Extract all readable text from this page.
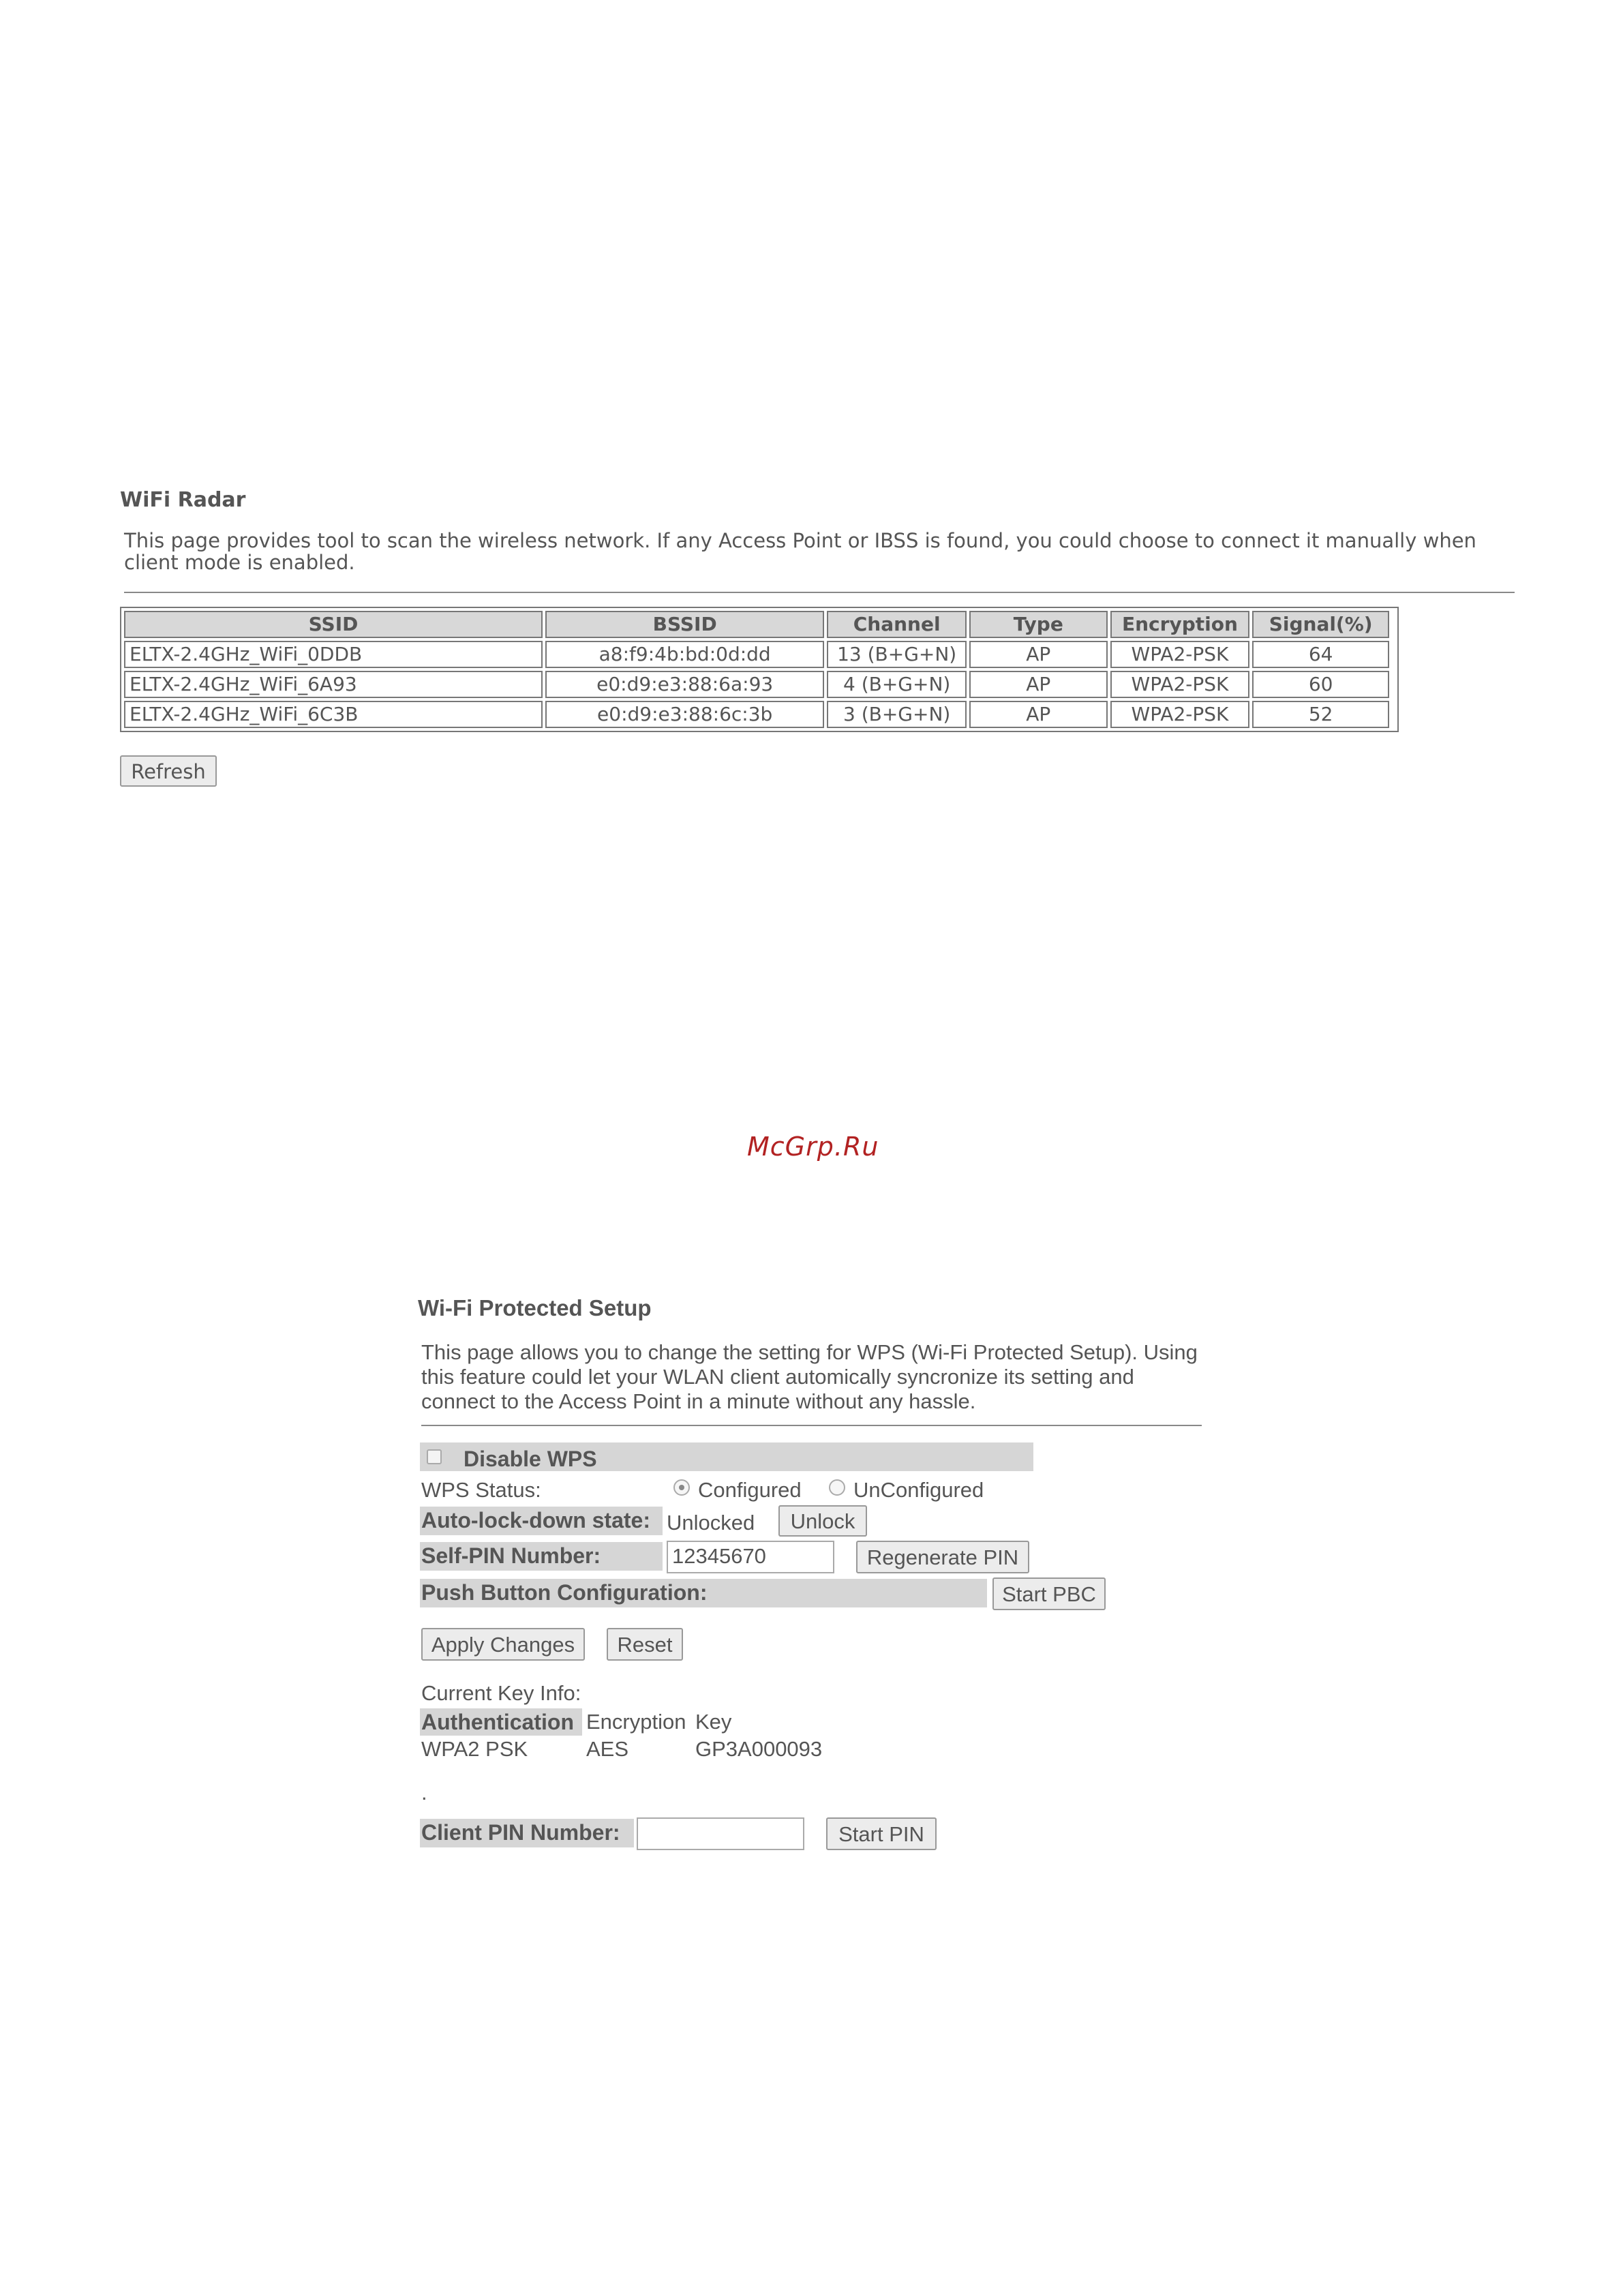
WiFi Radar
This page provides tool to scan the wireless network. If any Access Point or IBSS is found, you could choose to connect it manually when client mode is enabled.
SSID	BSSID	Channel	Type	Encryption	Signal(%)
ELTX-2.4GHz_WiFi_0DDB	a8:f9:4b:bd:0d:dd	13 (B+G+N)	AP	WPA2-PSK	64
ELTX-2.4GHz_WiFi_6A93	e0:d9:e3:88:6a:93	4 (B+G+N)	AP	WPA2-PSK	60
ELTX-2.4GHz_WiFi_6C3B	e0:d9:e3:88:6c:3b	3 (B+G+N)	AP	WPA2-PSK	52
Refresh
McGrp.Ru
Wi-Fi Protected Setup
This page allows you to change the setting for WPS (Wi-Fi Protected Setup). Using this feature could let your WLAN client automically syncronize its setting and connect to the Access Point in a minute without any hassle.
Disable WPS
WPS Status:	Configured UnConfigured
Auto-lock-down state: Unlocked	Unlock
Self-PIN Number:	12345670	Regenerate PIN
Push Button Configuration:	Start PBC
Apply Changes	Reset
Current Key Info:
Authentication Encryption Key
WPA2 PSK	AES	GP3A000093
.
Client PIN Number:	Start PIN
